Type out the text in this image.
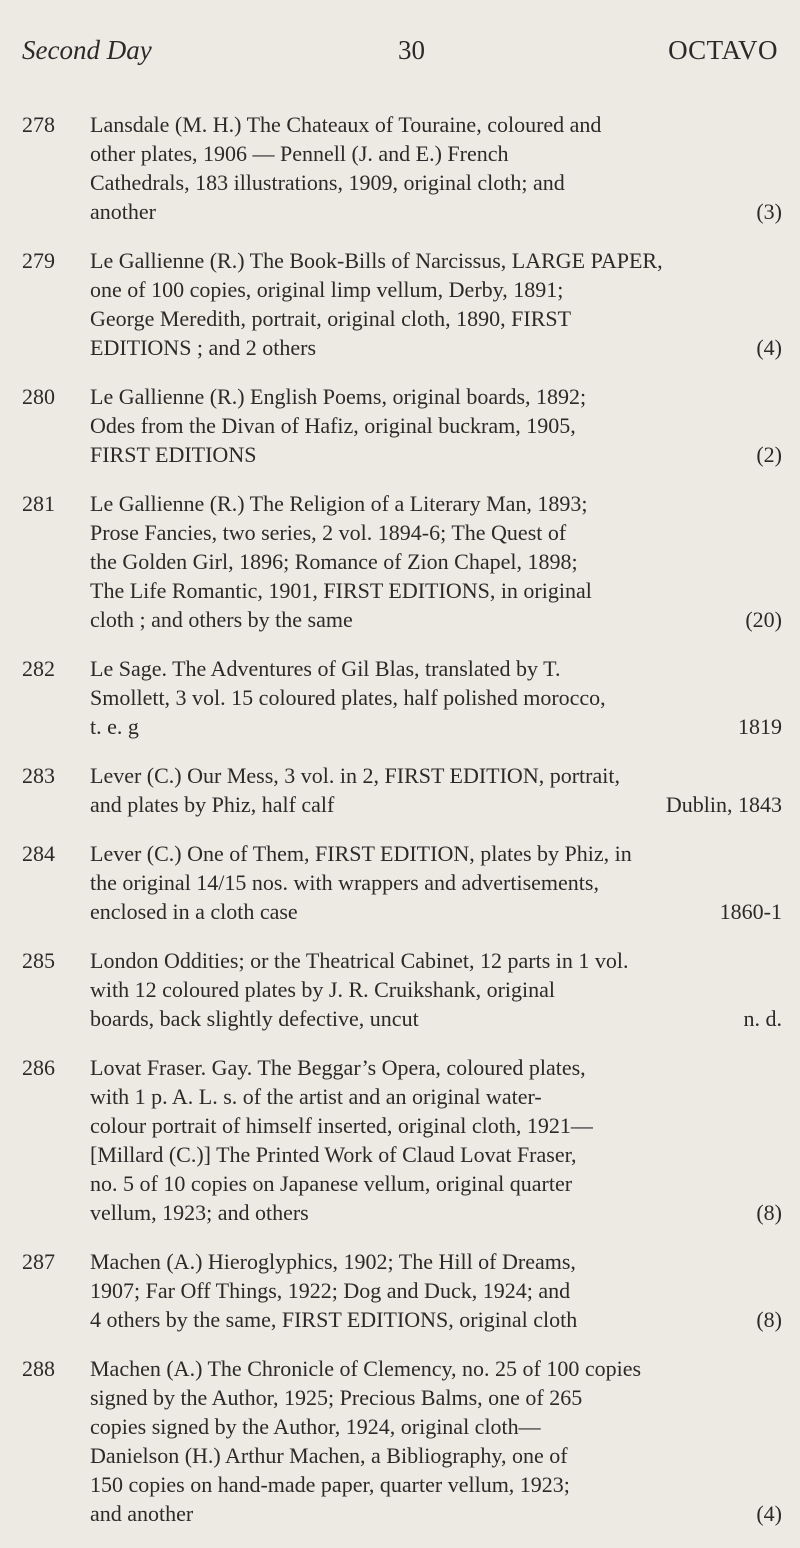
Second Day	30	OCTAVO
278	Lansdale (M. H.) The Chateaux of Touraine, coloured and
other plates, 1906 — Pennell (J. and E.) French
Cathedrals, 183 illustrations, 1909, original cloth; and
another	(3)
279	Le Gallienne (R.) The Book-Bills of Narcissus, LARGE PAPER,
one of 100 copies, original limp vellum, Derby, 1891;
George Meredith, portrait, original cloth, 1890, FIRST
EDITIONS ; and 2 others	(4)
280	Le Gallienne (R.) English Poems, original boards, 1892;
Odes from the Divan of Hafiz, original buckram, 1905,
FIRST EDITIONS	(2)
281	Le Gallienne (R.) The Religion of a Literary Man, 1893;
Prose Fancies, two series, 2 vol. 1894-6; The Quest of
the Golden Girl, 1896; Romance of Zion Chapel, 1898;
The Life Romantic, 1901, FIRST EDITIONS, in original
cloth ; and others by the same	(20)
282	Le Sage. The Adventures of Gil Blas, translated by T.
Smollett, 3 vol. 15 coloured plates, half polished morocco,
t. e. g	1819
283	Lever (C.) Our Mess, 3 vol. in 2, FIRST EDITION, portrait,
and plates by Phiz, half calf	Dublin, 1843
284	Lever (C.) One of Them, FIRST EDITION, plates by Phiz, in
the original 14/15 nos. with wrappers and advertisements,
enclosed in a cloth case	1860-1
285	London Oddities; or the Theatrical Cabinet, 12 parts in 1 vol.
with 12 coloured plates by J. R. Cruikshank, original
boards, back slightly defective, uncut	n. d.
286	Lovat Fraser. Gay. The Beggar’s Opera, coloured plates,
with 1 p. A. L. s. of the artist and an original water-
colour portrait of himself inserted, original cloth, 1921—
[Millard (C.)] The Printed Work of Claud Lovat Fraser,
no. 5 of 10 copies on Japanese vellum, original quarter
vellum, 1923; and others	(8)
287	Machen (A.) Hieroglyphics, 1902; The Hill of Dreams,
1907; Far Off Things, 1922; Dog and Duck, 1924; and
4 others by the same, FIRST EDITIONS, original cloth	(8)
288	Machen (A.) The Chronicle of Clemency, no. 25 of 100 copies
signed by the Author, 1925; Precious Balms, one of 265
copies signed by the Author, 1924, original cloth—
Danielson (H.) Arthur Machen, a Bibliography, one of
150 copies on hand-made paper, quarter vellum, 1923;
and another	(4)
